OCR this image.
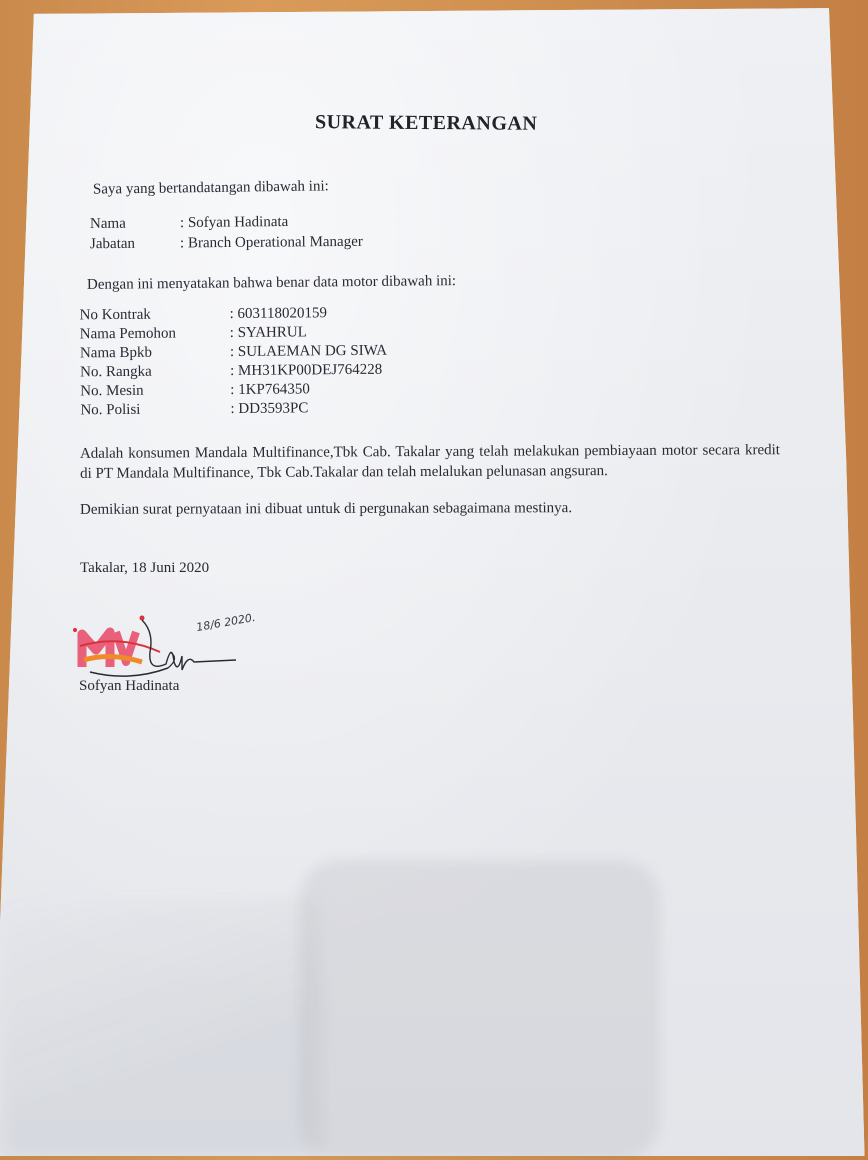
SURAT KETERANGAN
Saya yang bertandatangan dibawah ini:
Nama	: Sofyan Hadinata
Jabatan	: Branch Operational Manager
Dengan ini menyatakan bahwa benar data motor dibawah ini:
No Kontrak	: 603118020159
Nama Pemohon	: SYAHRUL
Nama Bpkb	: SULAEMAN DG SIWA
No. Rangka	: MH31KP00DEJ764228
No. Mesin	: 1KP764350
No. Polisi	: DD3593PC
Adalah konsumen Mandala Multifinance,Tbk Cab. Takalar yang telah melakukan pembiayaan motor secara kredit di PT Mandala Multifinance, Tbk Cab.Takalar dan telah melalukan pelunasan angsuran.
Demikian surat pernyataan ini dibuat untuk di pergunakan sebagaimana mestinya.
Takalar, 18 Juni 2020
18/6 2020.
Sofyan Hadinata
